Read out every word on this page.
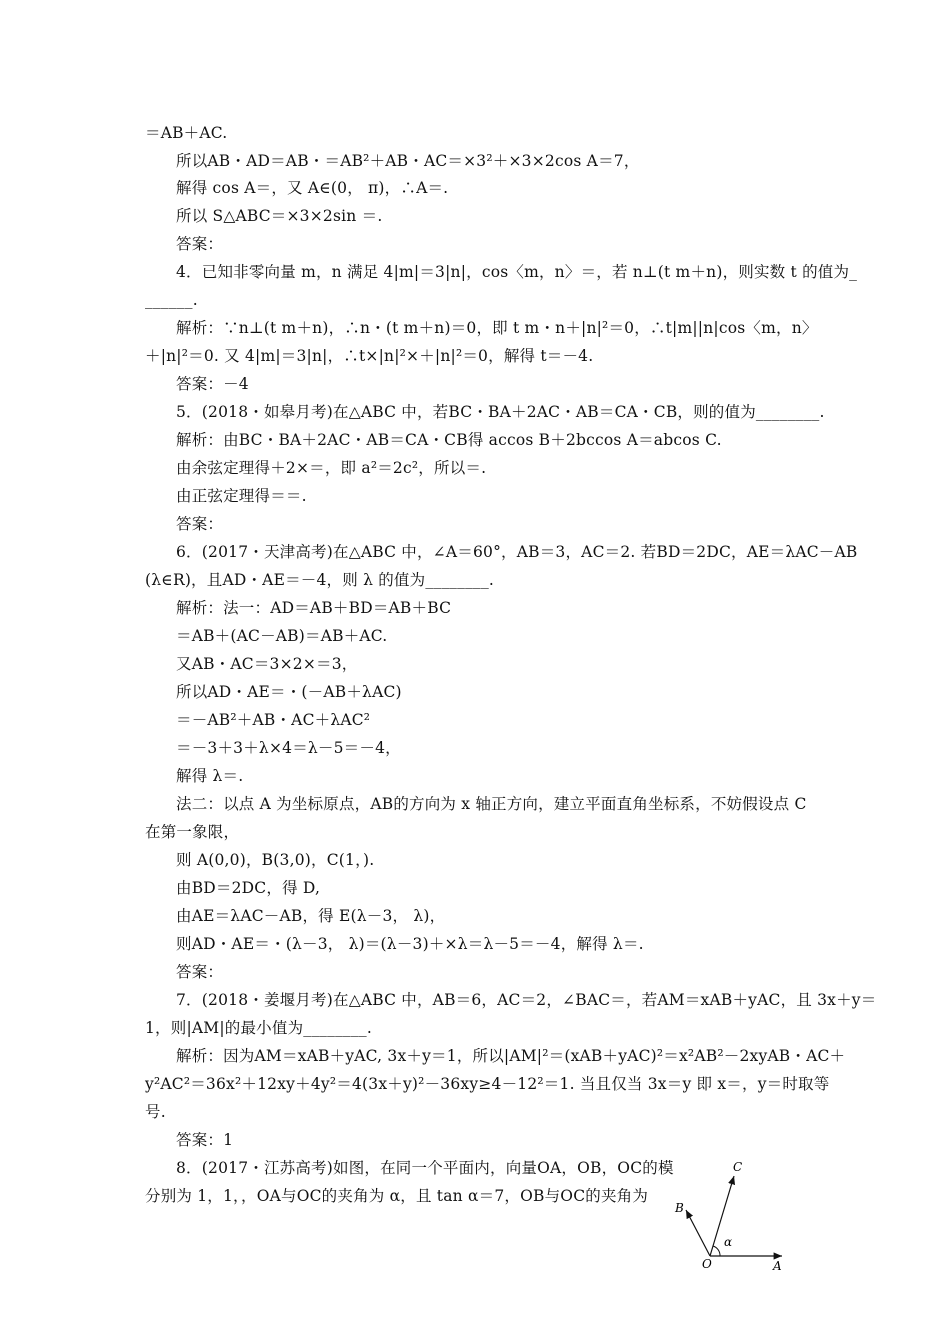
＝AB＋AC.
所以AB・AD＝AB・＝AB²＋AB・AC＝×3²＋×3×2cos A＝7，
解得 cos A＝，又 A∈(0， π)，∴A＝.
所以 S△ABC＝×3×2sin ＝.
答案：
4．已知非零向量 m，n 满足 4|m|＝3|n|，cos〈m，n〉＝，若 n⊥(t m＋n)，则实数 t 的值为_
______.
解析：∵n⊥(t m＋n)，∴n・(t m＋n)＝0，即 t m・n＋|n|²＝0，∴t|m||n|cos〈m，n〉
＋|n|²＝0. 又 4|m|＝3|n|，∴t×|n|²×＋|n|²＝0，解得 t＝－4.
答案：－4
5．(2018・如皋月考)在△ABC 中，若BC・BA＋2AC・AB＝CA・CB，则的值为________.
解析：由BC・BA＋2AC・AB＝CA・CB得 accos B＋2bccos A＝abcos C.
由余弦定理得＋2×＝，即 a²＝2c²，所以＝.
由正弦定理得＝＝.
答案：
6．(2017・天津高考)在△ABC 中，∠A＝60°，AB＝3，AC＝2. 若BD＝2DC，AE＝λAC－AB
(λ∈R)，且AD・AE＝－4，则 λ 的值为________.
解析：法一：AD＝AB＋BD＝AB＋BC
＝AB＋(AC－AB)＝AB＋AC.
又AB・AC＝3×2×＝3，
所以AD・AE＝・(－AB＋λAC)
＝－AB²＋AB・AC＋λAC²
＝－3＋3＋λ×4＝λ－5＝－4，
解得 λ＝.
法二：以点 A 为坐标原点，AB的方向为 x 轴正方向，建立平面直角坐标系，不妨假设点 C
在第一象限，
则 A(0,0)，B(3,0)，C(1，).
由BD＝2DC，得 D,
由AE＝λAC－AB，得 E(λ－3， λ)，
则AD・AE＝・(λ－3， λ)＝(λ－3)＋×λ＝λ－5＝－4，解得 λ＝.
答案：
7．(2018・姜堰月考)在△ABC 中，AB＝6，AC＝2，∠BAC＝，若AM＝xAB＋yAC，且 3x＋y＝
1，则|AM|的最小值为________.
解析：因为AM＝xAB＋yAC, 3x＋y＝1，所以|AM|²＝(xAB＋yAC)²＝x²AB²－2xyAB・AC＋
y²AC²＝36x²＋12xy＋4y²＝4(3x＋y)²－36xy≥4－12²＝1. 当且仅当 3x＝y 即 x＝，y＝时取等
号.
答案：1
8．(2017・江苏高考)如图，在同一个平面内，向量OA，OB，OC的模
分别为 1，1，，OA与OC的夹角为 α，且 tan α＝7，OB与OC的夹角为
C
B
α
O	A
